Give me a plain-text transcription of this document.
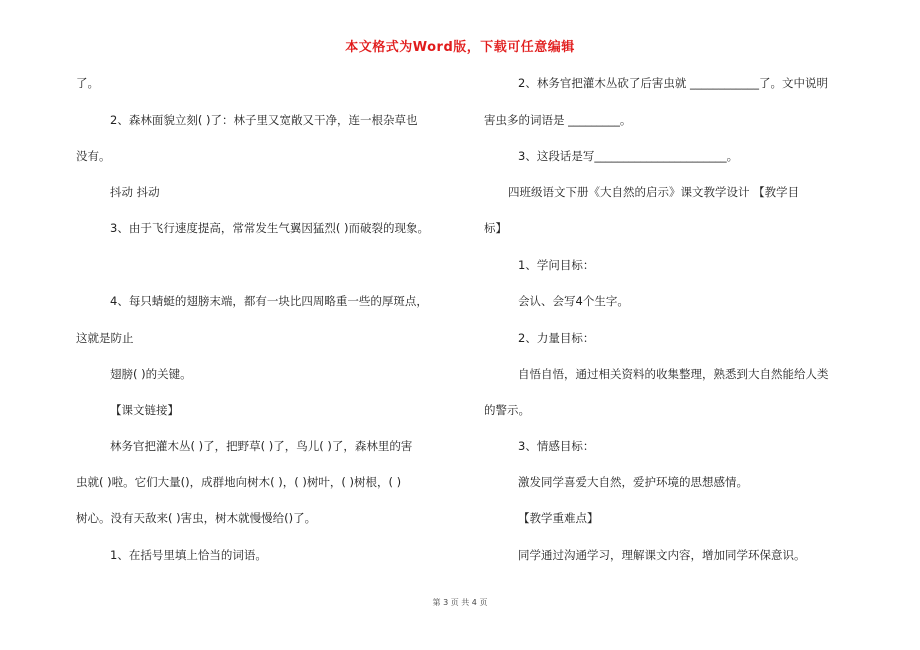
本文格式为Word版，下载可任意编辑
了。
2、森林面貌立刻( )了：林子里又宽敞又干净，连一根杂草也
没有。
抖动 抖动
3、由于飞行速度提高，常常发生气翼因猛烈( )而破裂的现象。
4、每只蜻蜓的翅膀末端，都有一块比四周略重一些的厚斑点，
这就是防止
翅膀( )的关键。
【课文链接】
林务官把灌木丛( )了，把野草( )了，鸟儿( )了，森林里的害
虫就( )啦。它们大量()，成群地向树木( )，( )树叶，( )树根，( )
树心。没有天敌来( )害虫，树木就慢慢给()了。
1、在括号里填上恰当的词语。
2、林务官把灌木丛砍了后害虫就 ____________了。文中说明
害虫多的词语是 _________。
3、这段话是写_______________________。
四班级语文下册《大自然的启示》课文教学设计 【教学目
标】
1、学问目标：
会认、会写4个生字。
2、力量目标：
自悟自悟，通过相关资料的收集整理，熟悉到大自然能给人类
的警示。
3、情感目标：
激发同学喜爱大自然，爱护环境的思想感情。
【教学重难点】
同学通过沟通学习，理解课文内容，增加同学环保意识。
第 3 页 共 4 页
